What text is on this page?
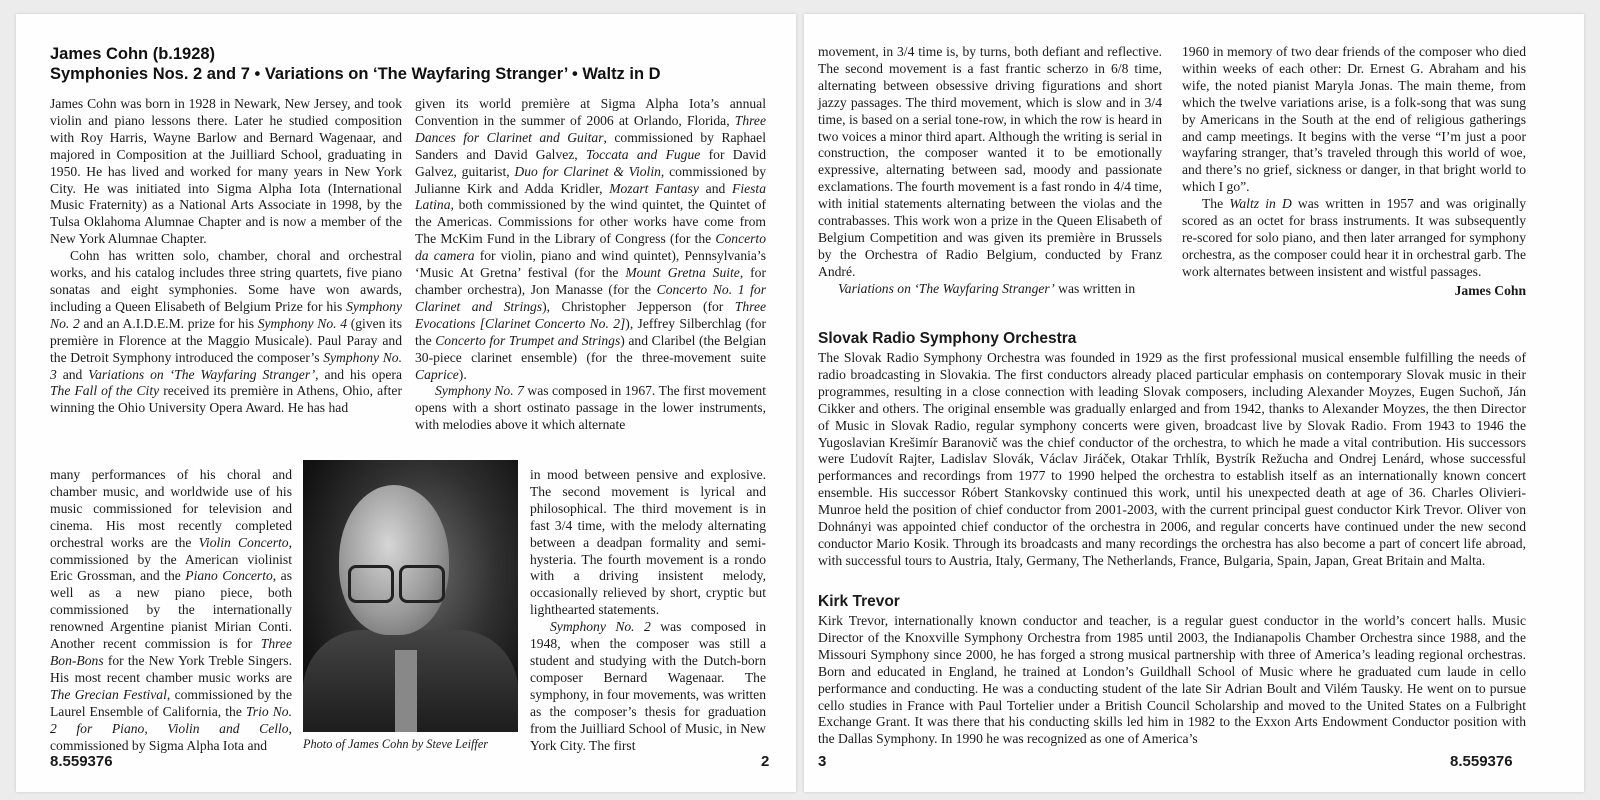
James Cohn (b.1928)
Symphonies Nos. 2 and 7 • Variations on ‘The Wayfaring Stranger’ • Waltz in D

James Cohn was born in 1928 in Newark, New Jersey, and took violin and piano lessons there. Later he studied composition with Roy Harris, Wayne Barlow and Bernard Wagenaar, and majored in Composition at the Juilliard School, graduating in 1950. He has lived and worked for many years in New York City. He was initiated into Sigma Alpha Iota (International Music Fraternity) as a National Arts Associate in 1998, by the Tulsa Oklahoma Alumnae Chapter and is now a member of the New York Alumnae Chapter.

Cohn has written solo, chamber, choral and orchestral works, and his catalog includes three string quartets, five piano sonatas and eight symphonies. Some have won awards, including a Queen Elisabeth of Belgium Prize for his Symphony No. 2 and an A.I.D.E.M. prize for his Symphony No. 4 (given its première in Florence at the Maggio Musicale). Paul Paray and the Detroit Symphony introduced the composer’s Symphony No. 3 and Variations on ‘The Wayfaring Stranger’, and his opera The Fall of the City received its première in Athens, Ohio, after winning the Ohio University Opera Award. He has had

many performances of his choral and chamber music, and worldwide use of his music commissioned for television and cinema. His most recently completed orchestral works are the Violin Concerto, commissioned by the American violinist Eric Grossman, and the Piano Concerto, as well as a new piano piece, both commissioned by the internationally renowned Argentine pianist Mirian Conti. Another recent commission is for Three Bon-Bons for the New York Treble Singers. His most recent chamber music works are The Grecian Festival, commissioned by the Laurel Ensemble of California, the Trio No. 2 for Piano, Violin and Cello, commissioned by Sigma Alpha Iota and

given its world première at Sigma Alpha Iota’s annual Convention in the summer of 2006 at Orlando, Florida, Three Dances for Clarinet and Guitar, commissioned by Raphael Sanders and David Galvez, Toccata and Fugue for David Galvez, guitarist, Duo for Clarinet & Violin, commissioned by Julianne Kirk and Adda Kridler, Mozart Fantasy and Fiesta Latina, both commissioned by the wind quintet, the Quintet of the Americas. Commissions for other works have come from The McKim Fund in the Library of Congress (for the Concerto da camera for violin, piano and wind quintet), Pennsylvania’s ‘Music At Gretna’ festival (for the Mount Gretna Suite, for chamber orchestra), Jon Manasse (for the Concerto No. 1 for Clarinet and Strings), Christopher Jepperson (for Three Evocations [Clarinet Concerto No. 2]), Jeffrey Silberchlag (for the Concerto for Trumpet and Strings) and Claribel (the Belgian 30-piece clarinet ensemble) (for the three-movement suite Caprice).

Symphony No. 7 was composed in 1967. The first movement opens with a short ostinato passage in the lower instruments, with melodies above it which alternate

Photo of James Cohn by Steve Leiffer

in mood between pensive and explosive. The second movement is lyrical and philosophical. The third movement is in fast 3/4 time, with the melody alternating between a deadpan formality and semi-hysteria. The fourth movement is a rondo with a driving insistent melody, occasionally relieved by short, cryptic but lighthearted statements.

Symphony No. 2 was composed in 1948, when the composer was still a student and studying with the Dutch-born composer Bernard Wagenaar. The symphony, in four movements, was written as the composer’s thesis for graduation from the Juilliard School of Music, in New York City. The first

8.559376	2

movement, in 3/4 time is, by turns, both defiant and reflective. The second movement is a fast frantic scherzo in 6/8 time, alternating between obsessive driving figurations and short jazzy passages. The third movement, which is slow and in 3/4 time, is based on a serial tone-row, in which the row is heard in two voices a minor third apart. Although the writing is serial in construction, the composer wanted it to be emotionally expressive, alternating between sad, moody and passionate exclamations. The fourth movement is a fast rondo in 4/4 time, with initial statements alternating between the violas and the contrabasses. This work won a prize in the Queen Elisabeth of Belgium Competition and was given its première in Brussels by the Orchestra of Radio Belgium, conducted by Franz André.

Variations on ‘The Wayfaring Stranger’ was written in

1960 in memory of two dear friends of the composer who died within weeks of each other: Dr. Ernest G. Abraham and his wife, the noted pianist Maryla Jonas. The main theme, from which the twelve variations arise, is a folk-song that was sung by Americans in the South at the end of religious gatherings and camp meetings. It begins with the verse “I’m just a poor wayfaring stranger, that’s traveled through this world of woe, and there’s no grief, sickness or danger, in that bright world to which I go”.

The Waltz in D was written in 1957 and was originally scored as an octet for brass instruments. It was subsequently re-scored for solo piano, and then later arranged for symphony orchestra, as the composer could hear it in orchestral garb. The work alternates between insistent and wistful passages.

James Cohn
Slovak Radio Symphony Orchestra

The Slovak Radio Symphony Orchestra was founded in 1929 as the first professional musical ensemble fulfilling the needs of radio broadcasting in Slovakia. The first conductors already placed particular emphasis on contemporary Slovak music in their programmes, resulting in a close connection with leading Slovak composers, including Alexander Moyzes, Eugen Suchoň, Ján Cikker and others. The original ensemble was gradually enlarged and from 1942, thanks to Alexander Moyzes, the then Director of Music in Slovak Radio, regular symphony concerts were given, broadcast live by Slovak Radio. From 1943 to 1946 the Yugoslavian Krešimír Baranovič was the chief conductor of the orchestra, to which he made a vital contribution. His successors were Ľudovít Rajter, Ladislav Slovák, Václav Jiráček, Otakar Trhlík, Bystrík Režucha and Ondrej Lenárd, whose successful performances and recordings from 1977 to 1990 helped the orchestra to establish itself as an internationally known concert ensemble. His successor Róbert Stankovsky continued this work, until his unexpected death at age of 36. Charles Olivieri-Munroe held the position of chief conductor from 2001-2003, with the current principal guest conductor Kirk Trevor. Oliver von Dohnányi was appointed chief conductor of the orchestra in 2006, and regular concerts have continued under the new second conductor Mario Kosik. Through its broadcasts and many recordings the orchestra has also become a part of concert life abroad, with successful tours to Austria, Italy, Germany, The Netherlands, France, Bulgaria, Spain, Japan, Great Britain and Malta.

Kirk Trevor

Kirk Trevor, internationally known conductor and teacher, is a regular guest conductor in the world’s concert halls. Music Director of the Knoxville Symphony Orchestra from 1985 until 2003, the Indianapolis Chamber Orchestra since 1988, and the Missouri Symphony since 2000, he has forged a strong musical partnership with three of America’s leading regional orchestras. Born and educated in England, he trained at London’s Guildhall School of Music where he graduated cum laude in cello performance and conducting. He was a conducting student of the late Sir Adrian Boult and Vilém Tausky. He went on to pursue cello studies in France with Paul Tortelier under a British Council Scholarship and moved to the United States on a Fulbright Exchange Grant. It was there that his conducting skills led him in 1982 to the Exxon Arts Endowment Conductor position with the Dallas Symphony. In 1990 he was recognized as one of America’s

3	8.559376
